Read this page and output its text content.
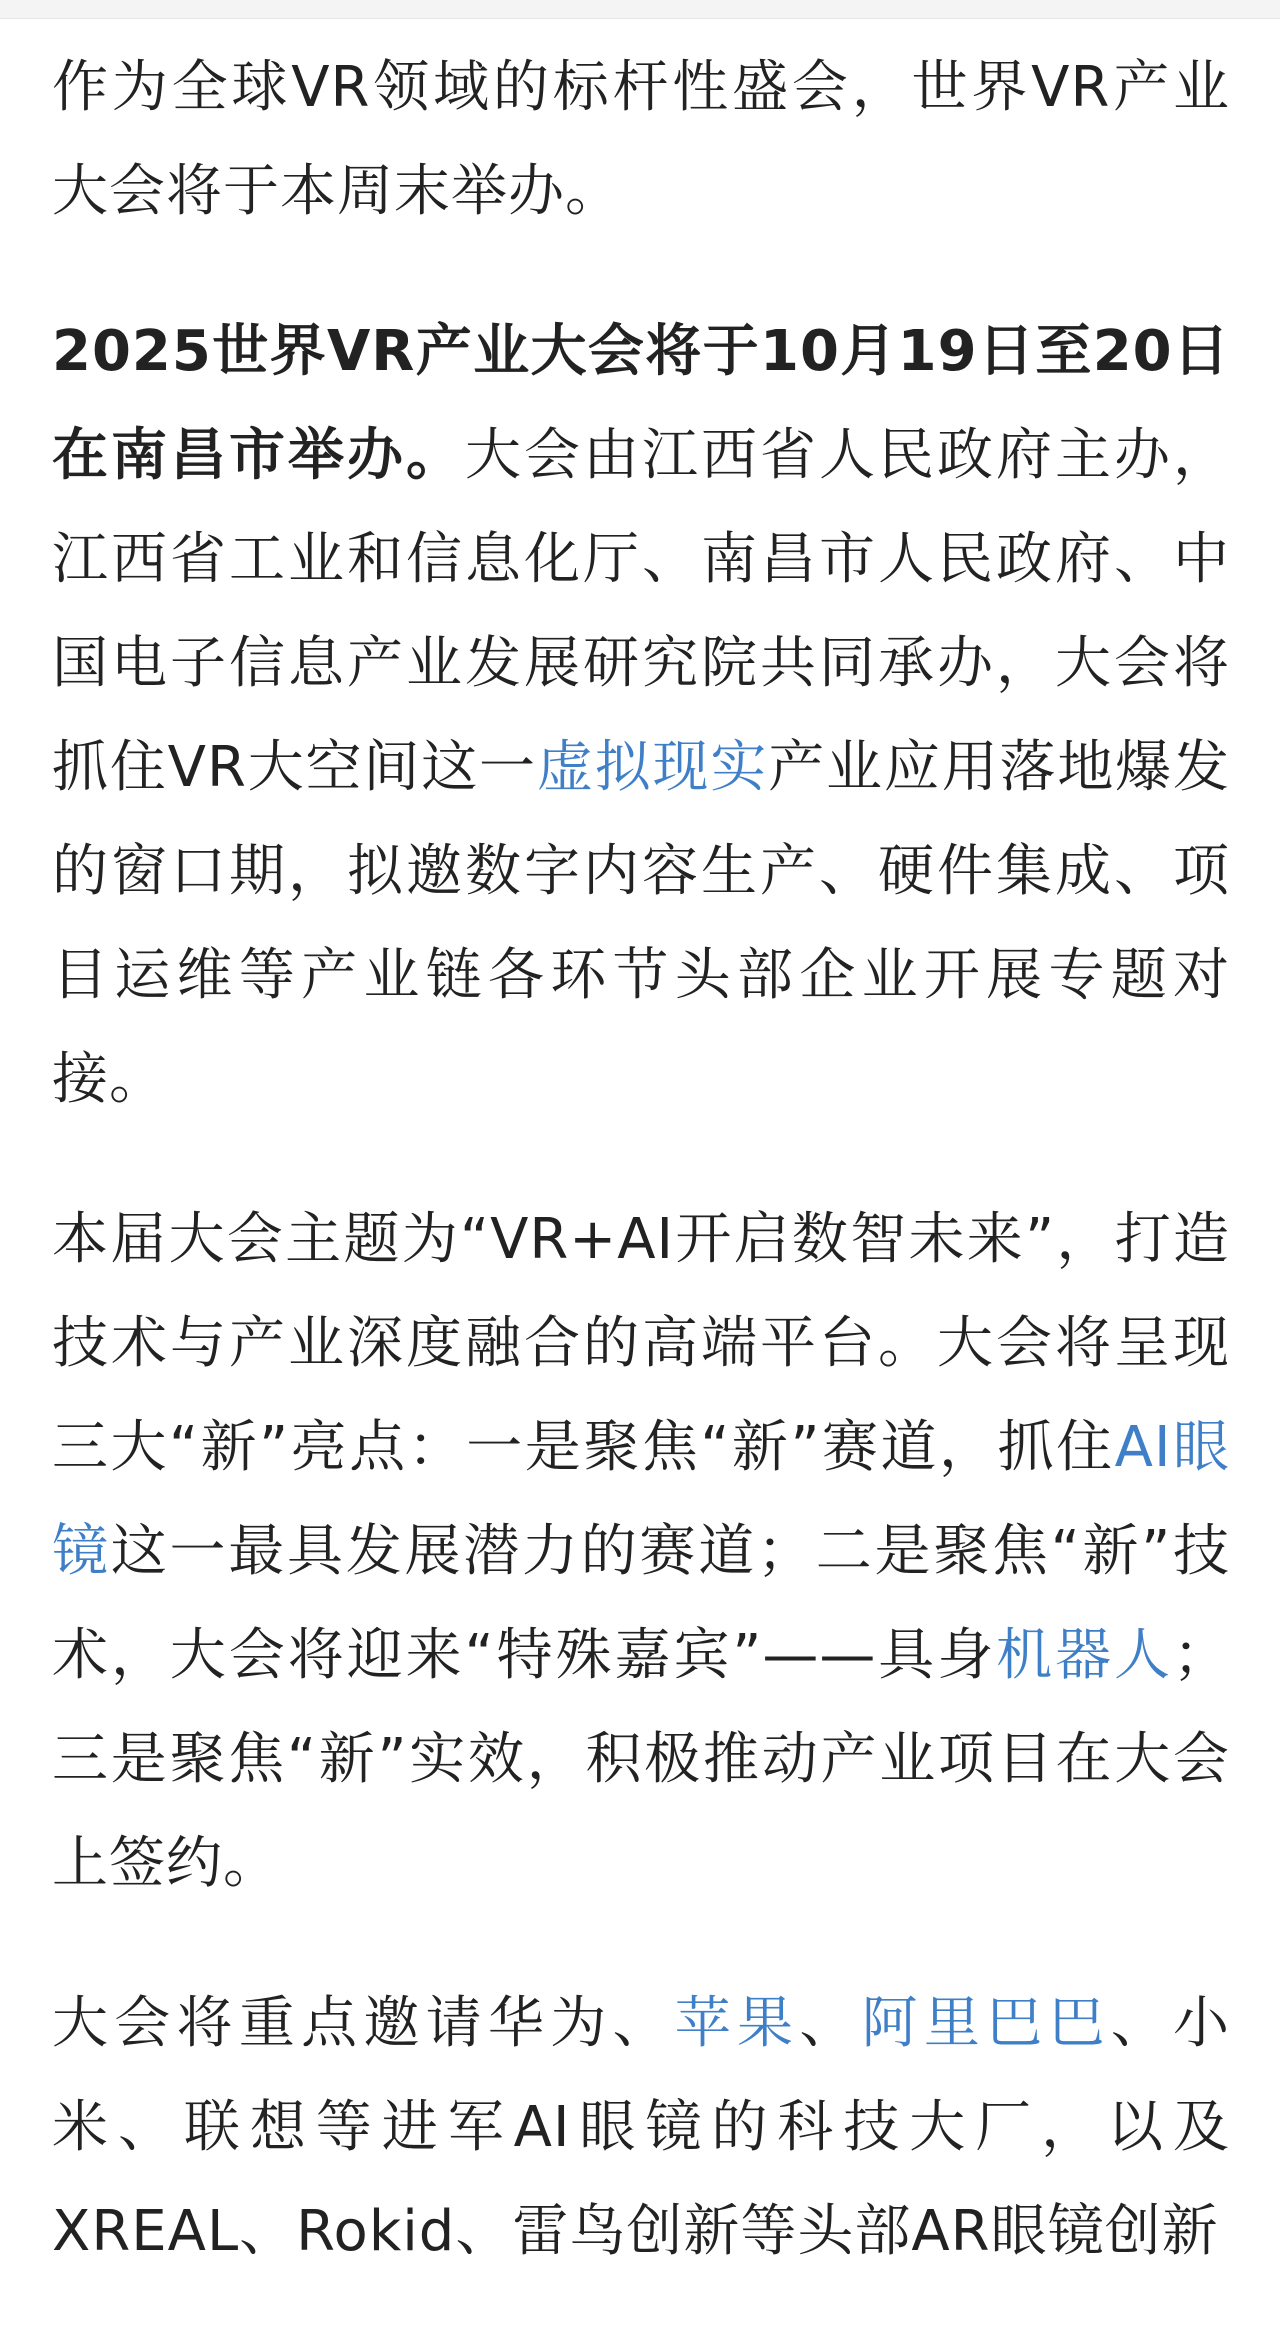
作为全球VR领域的标杆性盛会，世界VR产业大会将于本周末举办。

2025世界VR产业大会将于10月19日至20日在南昌市举办。大会由江西省人民政府主办，江西省工业和信息化厅、南昌市人民政府、中国电子信息产业发展研究院共同承办，大会将抓住VR大空间这一虚拟现实产业应用落地爆发的窗口期，拟邀数字内容生产、硬件集成、项目运维等产业链各环节头部企业开展专题对接。

本届大会主题为“VR+AI开启数智未来”，打造技术与产业深度融合的高端平台。大会将呈现三大“新”亮点：一是聚焦“新”赛道，抓住AI眼镜这一最具发展潜力的赛道；二是聚焦“新”技术，大会将迎来“特殊嘉宾”——具身机器人；三是聚焦“新”实效，积极推动产业项目在大会上签约。

大会将重点邀请华为、苹果、阿里巴巴、小米、联想等进军AI眼镜的科技大厂，以及XREAL、Rokid、雷鸟创新等头部AR眼镜创新
